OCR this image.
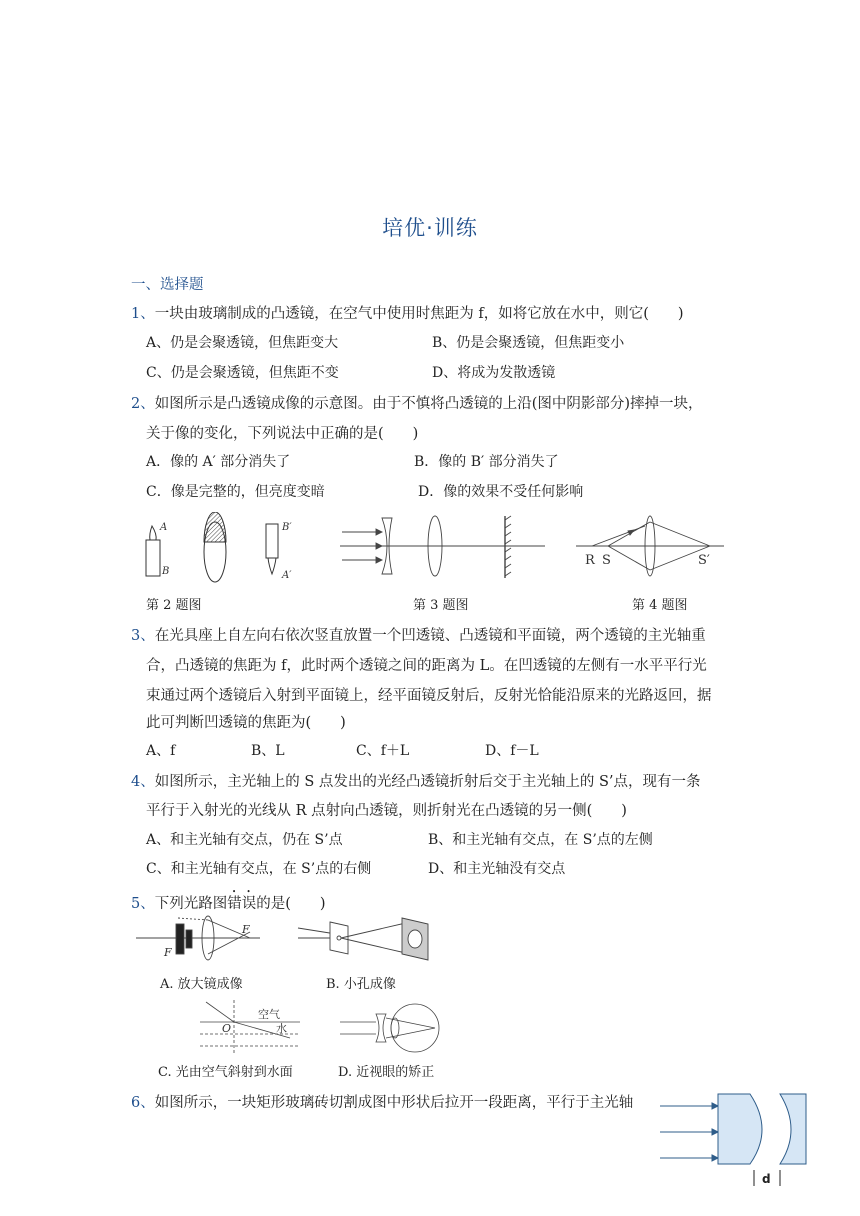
培优·训练
一、选择题
1、一块由玻璃制成的凸透镜，在空气中使用时焦距为 f，如将它放在水中，则它(　　)
A、仍是会聚透镜，但焦距变大	B、仍是会聚透镜，但焦距变小
C、仍是会聚透镜，但焦距不变	D、将成为发散透镜
2、如图所示是凸透镜成像的示意图。由于不慎将凸透镜的上沿(图中阴影部分)摔掉一块，
关于像的变化，下列说法中正确的是(　　)
A．像的 A′ 部分消失了	B．像的 B′ 部分消失了
C．像是完整的，但亮度变暗	D．像的效果不受任何影响
A
B
B′
A′
R S	S′
第 2 题图	第 3 题图	第 4 题图
3、在光具座上自左向右依次竖直放置一个凹透镜、凸透镜和平面镜，两个透镜的主光轴重
合，凸透镜的焦距为 f，此时两个透镜之间的距离为 L。在凹透镜的左侧有一水平平行光
束通过两个透镜后入射到平面镜上，经平面镜反射后，反射光恰能沿原来的光路返回，据
此可判断凹透镜的焦距为(　　)
A、f	B、L	C、f＋L	D、f－L
4、如图所示，主光轴上的 S 点发出的光经凸透镜折射后交于主光轴上的 S’点，现有一条
平行于入射光的光线从 R 点射向凸透镜，则折射光在凸透镜的另一侧(　　)
A、和主光轴有交点，仍在 S’点	B、和主光轴有交点，在 S’点的左侧
C、和主光轴有交点，在 S’点的右侧	D、和主光轴没有交点
5、下列光路图错误的是(　　)
F
F
空气
水
O
A. 放大镜成像	B. 小孔成像
C. 光由空气斜射到水面	D. 近视眼的矫正
6、如图所示，一块矩形玻璃砖切割成图中形状后拉开一段距离，平行于主光轴
d
